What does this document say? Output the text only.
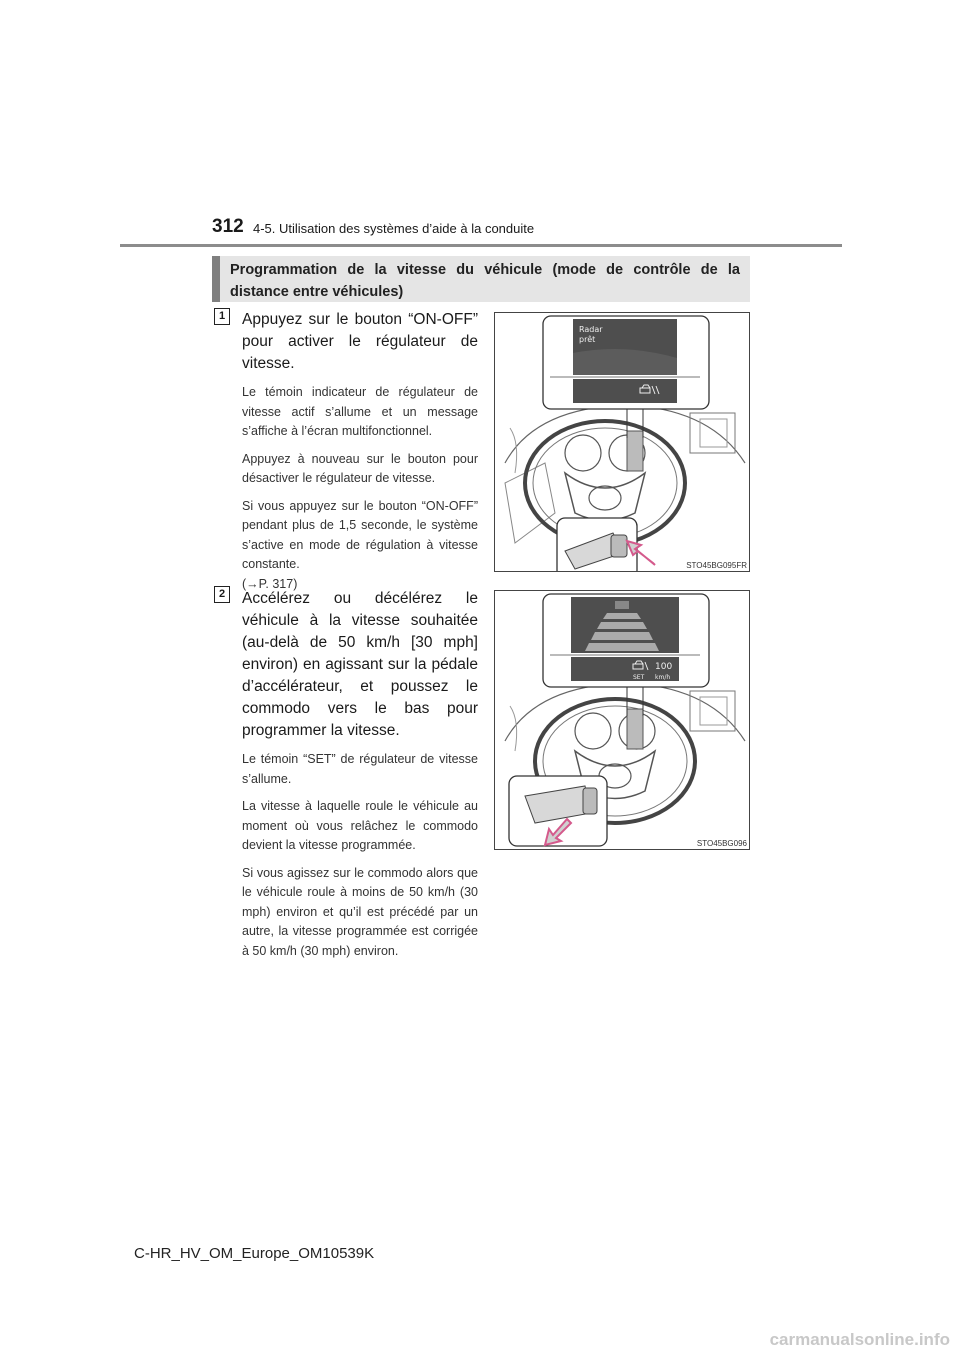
312 4-5. Utilisation des systèmes d’aide à la conduite
Programmation de la vitesse du véhicule (mode de contrôle de la distance entre véhicules)
1	Appuyez sur le bouton “ON-OFF” pour activer le régulateur de vitesse.

Le témoin indicateur de régulateur de vitesse actif s’allume et un message s’affiche à l’écran multifonctionnel.

Appuyez à nouveau sur le bouton pour désactiver le régulateur de vitesse.

Si vous appuyez sur le bouton “ON-OFF” pendant plus de 1,5 seconde, le système s’active en mode de régulation à vitesse constante.
(→P. 317)

Radar
prêt
STO45BG095FR
2	Accélérez ou décélérez le véhicule à la vitesse souhaitée (au-delà de 50 km/h [30 mph] environ) en agissant sur la pédale d’accélérateur, et poussez le commodo vers le bas pour programmer la vitesse.

Le témoin “SET” de régulateur de vitesse s’allume.

La vitesse à laquelle roule le véhicule au moment où vous relâchez le commodo devient la vitesse programmée.

Si vous agissez sur le commodo alors que le véhicule roule à moins de 50 km/h (30 mph) environ et qu’il est précédé par un autre, la vitesse programmée est corrigée à 50 km/h (30 mph) environ.

100
SET km/h
STO45BG096
C-HR_HV_OM_Europe_OM10539K
carmanualsonline.info
